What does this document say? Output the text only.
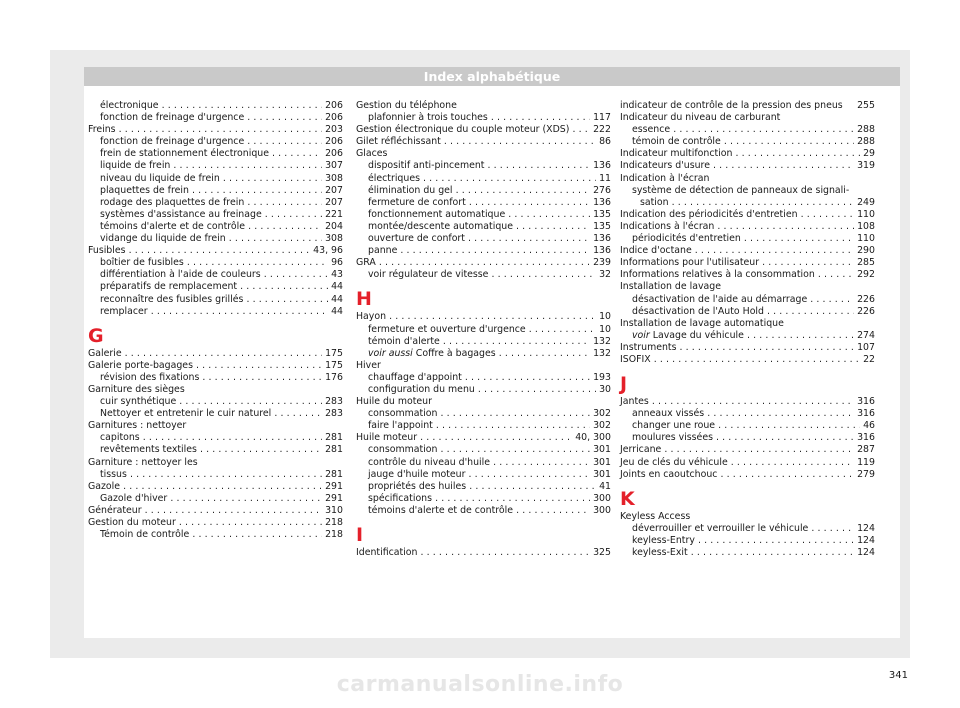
Index alphabétique
électronique . . .	206
fonction de freinage d'urgence . . .	206
Freins . . .	203
fonction de freinage d'urgence . . .	206
frein de stationnement électronique . . .	206
liquide de frein . . .	307
niveau du liquide de frein . . .	308
plaquettes de frein . . .	207
rodage des plaquettes de frein . . .	207
systèmes d'assistance au freinage . . .	221
témoins d'alerte et de contrôle . . .	204
vidange du liquide de frein . . .	308
Fusibles . . .	43, 96
boîtier de fusibles . . .	96
différentiation à l'aide de couleurs . . .	43
préparatifs de remplacement . . .	44
reconnaître des fusibles grillés . . .	44
remplacer . . .	44
G
Galerie . . .	175
Galerie porte-bagages . . .	175
révision des fixations . . .	176
Garniture des sièges
cuir synthétique . . .	283
Nettoyer et entretenir le cuir naturel . . .	283
Garnitures : nettoyer
capitons . . .	281
revêtements textiles . . .	281
Garniture : nettoyer les
tissus . . .	281
Gazole . . .	291
Gazole d'hiver . . .	291
Générateur . . .	310
Gestion du moteur . . .	218
Témoin de contrôle . . .	218
Gestion du téléphone
plafonnier à trois touches . . .	117
Gestion électronique du couple moteur (XDS) . . .	222
Gilet réfléchissant . . .	86
Glaces
dispositif anti-pincement . . .	136
électriques . . .	11
élimination du gel . . .	276
fermeture de confort . . .	136
fonctionnement automatique . . .	135
montée/descente automatique . . .	135
ouverture de confort . . .	136
panne . . .	136
GRA . . .	239
voir régulateur de vitesse . . .	32
H
Hayon . . .	10
fermeture et ouverture d'urgence . . .	10
témoin d'alerte . . .	132
voir aussi Coffre à bagages . . .	132
Hiver
chauffage d'appoint . . .	193
configuration du menu . . .	30
Huile du moteur
consommation . . .	302
faire l'appoint . . .	302
Huile moteur . . .	40, 300
consommation . . .	301
contrôle du niveau d'huile . . .	301
jauge d'huile moteur . . .	301
propriétés des huiles . . .	41
spécifications . . .	300
témoins d'alerte et de contrôle . . .	300
I
Identification . . .	325
indicateur de contrôle de la pression des pneus	255
Indicateur du niveau de carburant
essence . . .	288
témoin de contrôle . . .	288
Indicateur multifonction . . .	29
Indicateurs d'usure . . .	319
Indication à l'écran
système de détection de panneaux de signali-
sation . . .	249
Indication des périodicités d'entretien . . .	110
Indications à l'écran . . .	108
périodicités d'entretien . . .	110
Indice d'octane . . .	290
Informations pour l'utilisateur . . .	285
Informations relatives à la consommation . . .	292
Installation de lavage
désactivation de l'aide au démarrage . . .	226
désactivation de l'Auto Hold . . .	226
Installation de lavage automatique
voir Lavage du véhicule . . .	274
Instruments . . .	107
ISOFIX . . .	22
J
Jantes . . .	316
anneaux vissés . . .	316
changer une roue . . .	46
moulures vissées . . .	316
Jerricane . . .	287
Jeu de clés du véhicule . . .	119
Joints en caoutchouc . . .	279
K
Keyless Access
déverrouiller et verrouiller le véhicule . . .	124
keyless-Entry . . .	124
keyless-Exit . . .	124
341
carmanualsonline.info
